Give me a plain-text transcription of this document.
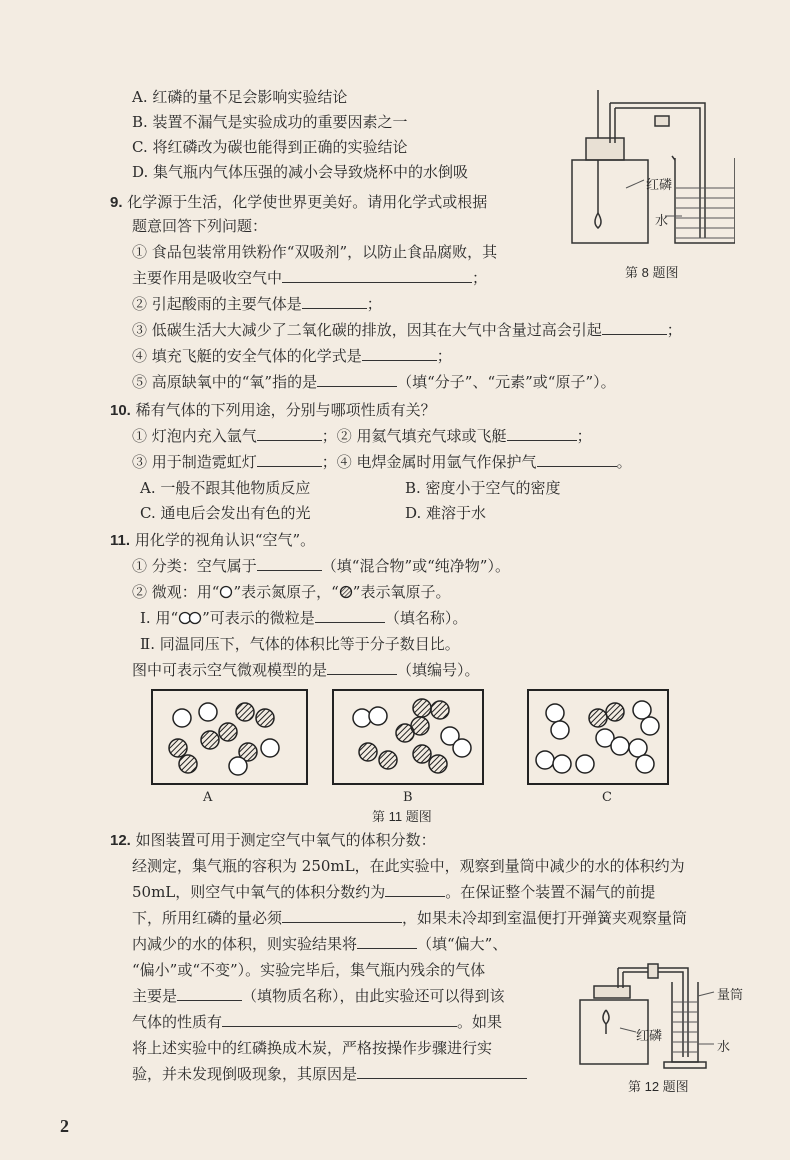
A. 红磷的量不足会影响实验结论
B. 装置不漏气是实验成功的重要因素之一
C. 将红磷改为碳也能得到正确的实验结论
D. 集气瓶内气体压强的减小会导致烧杯中的水倒吸
红磷
水
第 8 题图
9. 化学源于生活，化学使世界更美好。请用化学式或根据
题意回答下列问题：
① 食品包装常用铁粉作“双吸剂”，以防止食品腐败，其
主要作用是吸收空气中	；
② 引起酸雨的主要气体是	；
③ 低碳生活大大减少了二氧化碳的排放，因其在大气中含量过高会引起	；
④ 填充飞艇的安全气体的化学式是	；
⑤ 高原缺氧中的“氧”指的是	（填“分子”、“元素”或“原子”）。
10. 稀有气体的下列用途，分别与哪项性质有关？
① 灯泡内充入氩气	；② 用氦气填充气球或飞艇	；
③ 用于制造霓虹灯	；④ 电焊金属时用氩气作保护气	。
A. 一般不跟其他物质反应	B. 密度小于空气的密度
C. 通电后会发出有色的光	D. 难溶于水
11. 用化学的视角认识“空气”。
① 分类：空气属于	（填“混合物”或“纯净物”）。
② 微观：用“ ”表示氮原子，“ ”表示氧原子。
Ⅰ. 用“ ”可表示的微粒是	（填名称）。
Ⅱ. 同温同压下，气体的体积比等于分子数目比。
图中可表示空气微观模型的是	（填编号）。
A	B	C
第 11 题图
12. 如图装置可用于测定空气中氧气的体积分数：
经测定，集气瓶的容积为 250mL，在此实验中，观察到量筒中减少的水的体积约为
50mL，则空气中氧气的体积分数约为	。在保证整个装置不漏气的前提
下，所用红磷的量必须	，如果未冷却到室温便打开弹簧夹观察量筒
内减少的水的体积，则实验结果将	（填“偏大”、
“偏小”或“不变”）。实验完毕后，集气瓶内残余的气体
主要是	（填物质名称），由此实验还可以得到该
气体的性质有	。如果
将上述实验中的红磷换成木炭，严格按操作步骤进行实
验，并未发现倒吸现象，其原因是
量筒
红磷
水
第 12 题图
2
